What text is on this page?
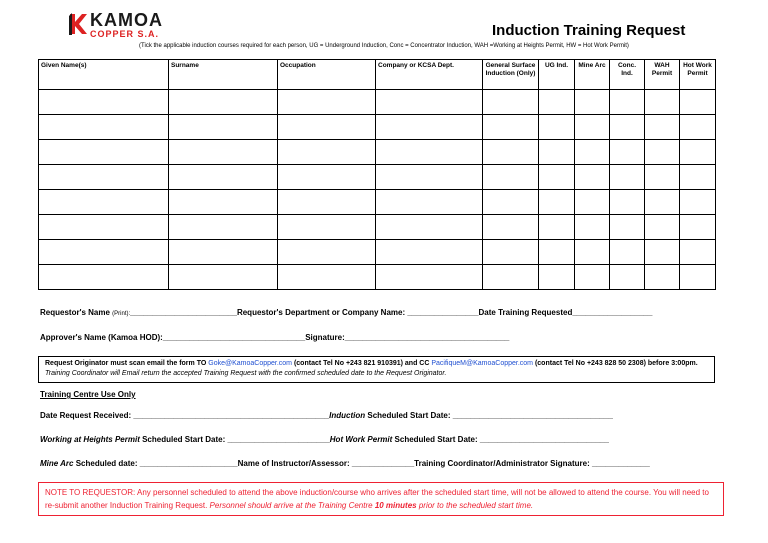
KAMOA
COPPER S.A.	Induction Training Request
(Tick the applicable induction courses required for each person, UG = Underground Induction, Conc = Concentrator Induction, WAH =Working at Heights Permit, HW = Hot Work Permit)
Given Name(s)	Surname	Occupation	Company or KCSA Dept.	General Surface Induction (Only)	UG Ind.	Mine Arc	Conc. Ind.	WAH Permit	Hot Work Permit

Requestor's Name (Print):________________________Requestor's Department or Company Name: ________________Date Training Requested__________________
Approver's Name (Kamoa HOD):________________________________Signature:_____________________________________
Request Originator must scan email the form TO Goke@KamoaCopper.com (contact Tel No +243 821 910391) and CC PacifiqueM@KamoaCopper.com (contact Tel No +243 828 50 2308) before 3:00pm. Training Coordinator will Email return the accepted Training Request with the confirmed scheduled date to the Request Originator.
Training Centre Use Only
Date Request Received: ____________________________________________Induction Scheduled Start Date: ____________________________________
Working at Heights Permit Scheduled Start Date: _______________________Hot Work Permit Scheduled Start Date: _____________________________
Mine Arc Scheduled date: ______________________Name of Instructor/Assessor: ______________Training Coordinator/Administrator Signature: _____________
NOTE TO REQUESTOR: Any personnel scheduled to attend the above induction/course who arrives after the scheduled start time, will not be allowed to attend the course. You will need to re-submit another Induction Training Request. Personnel should arrive at the Training Centre 10 minutes prior to the scheduled start time.
